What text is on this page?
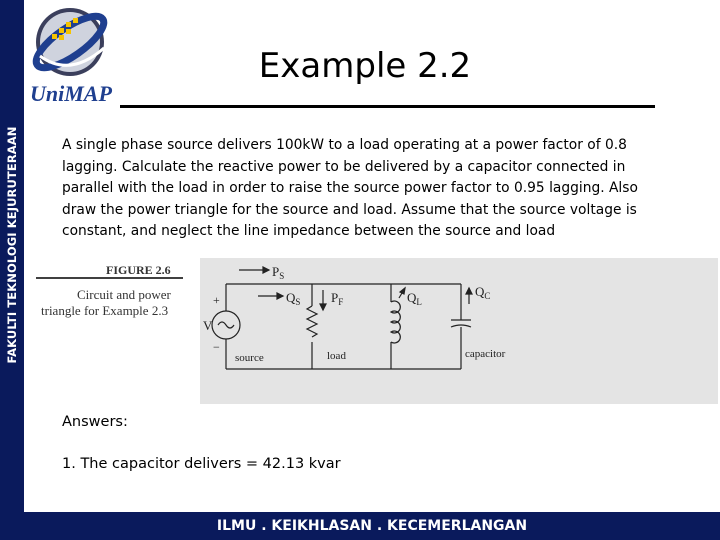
FAKULTI TEKNOLOGI KEJURUTERAAN
UniMAP
Example 2.2
A single phase source delivers 100kW to a load operating at a power factor of 0.8 lagging. Calculate the reactive power to be delivered by a capacitor connected in parallel with the load in order to raise the source power factor to 0.95 lagging. Also draw the power triangle for the source and load. Assume that the source voltage is constant, and neglect the line impedance between the source and load
FIGURE 2.6
Circuit and power
triangle for Example 2.3
$P_S$
$Q_S$ $P_F$	$Q_L$
$Q_C$
+
V
−
source	load	capacitor
Answers:
1. The capacitor delivers = 42.13 kvar
ILMU . KEIKHLASAN . KECEMERLANGAN
